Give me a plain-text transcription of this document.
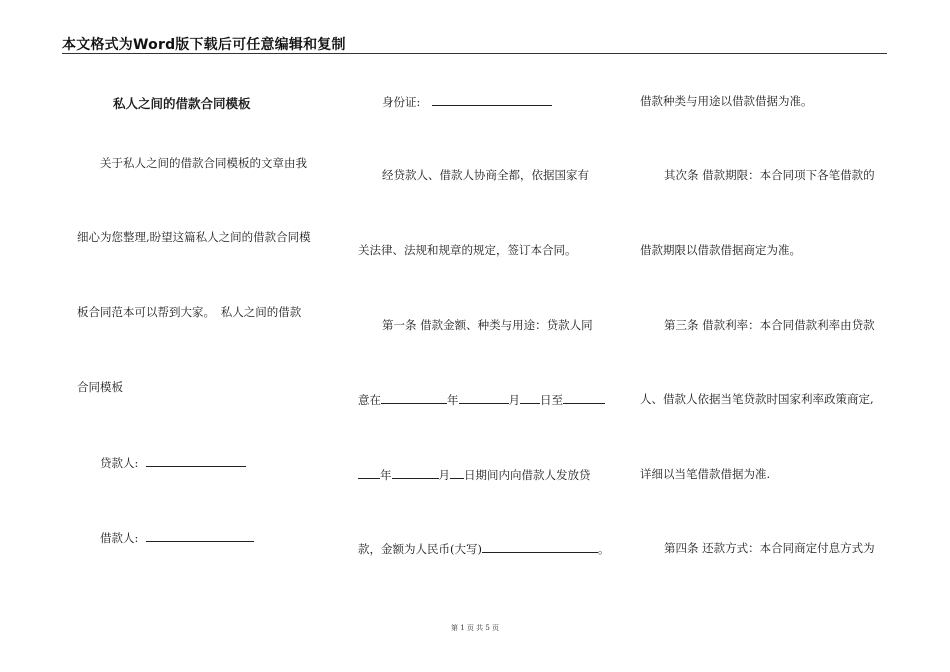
本文格式为Word版下载后可任意编辑和复制
私人之间的借款合同模板
关于私人之间的借款合同模板的文章由我
细心为您整理,盼望这篇私人之间的借款合同模
板合同范本可以帮到大家。　私人之间的借款
合同模板
贷款人:
借款人:
身份证:
经贷款人、借款人协商全都，依据国家有
关法律、法规和规章的规定，签订本合同。
第一条 借款金额、种类与用途：贷款人同
意在	年	月 日至
年	月 日期间内向借款人发放贷
款，金额为人民币(大写)	。
借款种类与用途以借款借据为准。
其次条 借款期限：本合同项下各笔借款的
借款期限以借款借据商定为准。
第三条 借款利率：本合同借款利率由贷款
人、借款人依据当笔贷款时国家利率政策商定,
详细以当笔借款借据为准.
第四条 还款方式：本合同商定付息方式为
第 1 页 共 5 页
